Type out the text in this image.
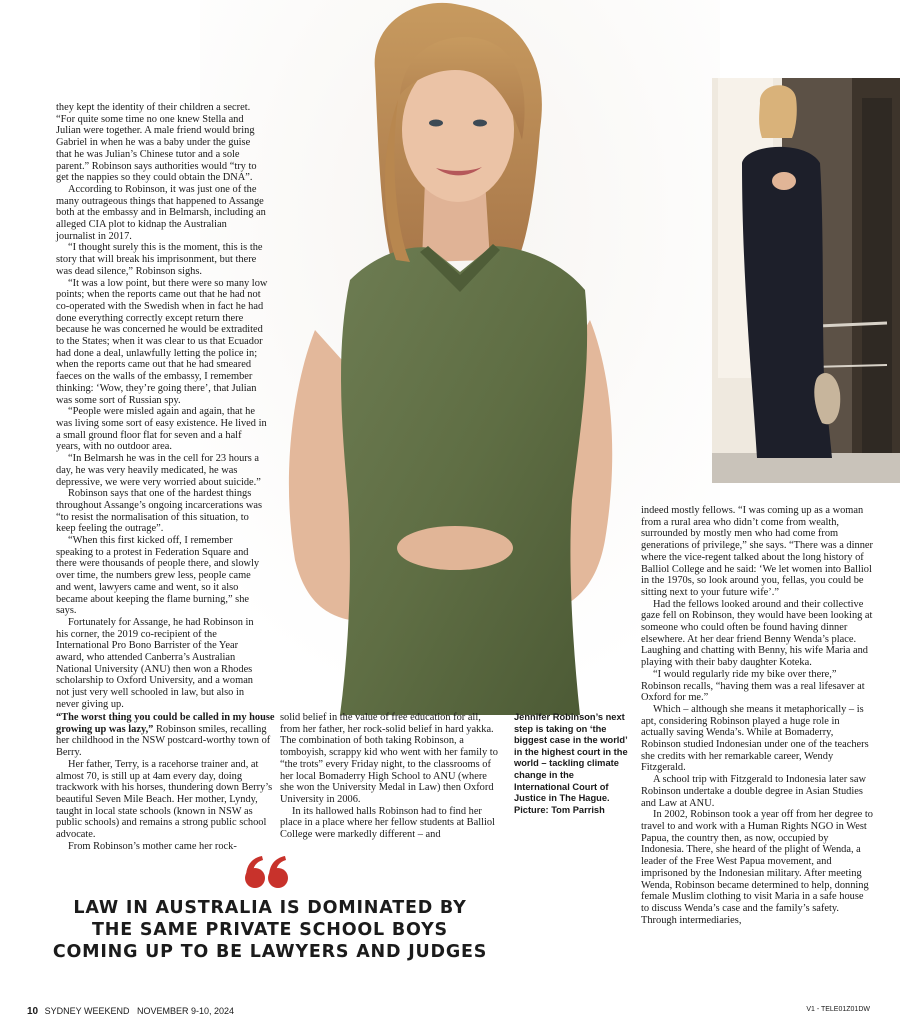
they kept the identity of their children a secret. “For quite some time no one knew Stella and Julian were together. A male friend would bring Gabriel in when he was a baby under the guise that he was Julian’s Chinese tutor and a sole parent.” Robinson says authorities would “try to get the nappies so they could obtain the DNA”.

According to Robinson, it was just one of the many outrageous things that happened to Assange both at the embassy and in Belmarsh, including an alleged CIA plot to kidnap the Australian journalist in 2017.

“I thought surely this is the moment, this is the story that will break his imprisonment, but there was dead silence,” Robinson sighs.

“It was a low point, but there were so many low points; when the reports came out that he had not co-operated with the Swedish when in fact he had done everything correctly except return there because he was concerned he would be extradited to the States; when it was clear to us that Ecuador had done a deal, unlawfully letting the police in; when the reports came out that he had smeared faeces on the walls of the embassy, I remember thinking: ‘Wow, they’re going there’, that Julian was some sort of Russian spy.

“People were misled again and again, that he was living some sort of easy existence. He lived in a small ground floor flat for seven and a half years, with no outdoor area.

“In Belmarsh he was in the cell for 23 hours a day, he was very heavily medicated, he was depressive, we were very worried about suicide.”

Robinson says that one of the hardest things throughout Assange’s ongoing incarcerations was “to resist the normalisation of this situation, to keep feeling the outrage”.

“When this first kicked off, I remember speaking to a protest in Federation Square and there were thousands of people there, and slowly over time, the numbers grew less, people came and went, lawyers came and went, so it also became about keeping the flame burning,” she says.

Fortunately for Assange, he had Robinson in his corner, the 2019 co-recipient of the International Pro Bono Barrister of the Year award, who attended Canberra’s Australian National University (ANU) then won a Rhodes scholarship to Oxford University, and a woman not just very well schooled in law, but also in never giving up.

“The worst thing you could be called in my house growing up was lazy,” Robinson smiles, recalling her childhood in the NSW postcard-worthy town of Berry.

Her father, Terry, is a racehorse trainer and, at almost 70, is still up at 4am every day, doing trackwork with his horses, thundering down Berry’s beautiful Seven Mile Beach. Her mother, Lyndy, taught in local state schools (known in NSW as public schools) and remains a strong public school advocate.

From Robinson’s mother came her rock-

solid belief in the value of free education for all, from her father, her rock-solid belief in hard yakka. The combination of both taking Robinson, a tomboyish, scrappy kid who went with her family to “the trots” every Friday night, to the classrooms of her local Bomaderry High School to ANU (where she won the University Medal in Law) then Oxford University in 2006.

In its hallowed halls Robinson had to find her place in a place where her fellow students at Balliol College were markedly different – and

Jennifer Robinson’s next step is taking on ‘the biggest case in the world’ in the highest court in the world – tackling climate change in the International Court of Justice in The Hague. Picture: Tom Parrish

indeed mostly fellows. “I was coming up as a woman from a rural area who didn’t come from wealth, surrounded by mostly men who had come from generations of privilege,” she says. “There was a dinner where the vice-regent talked about the long history of Balliol College and he said: ‘We let women into Balliol in the 1970s, so look around you, fellas, you could be sitting next to your future wife’.”

Had the fellows looked around and their collective gaze fell on Robinson, they would have been looking at someone who could often be found having dinner elsewhere. At her dear friend Benny Wenda’s place. Laughing and chatting with Benny, his wife Maria and playing with their baby daughter Koteka.

“I would regularly ride my bike over there,” Robinson recalls, “having them was a real lifesaver at Oxford for me.”

Which – although she means it metaphorically – is apt, considering Robinson played a huge role in actually saving Wenda’s. While at Bomaderry, Robinson studied Indonesian under one of the teachers she credits with her remarkable career, Wendy Fitzgerald.

A school trip with Fitzgerald to Indonesia later saw Robinson undertake a double degree in Asian Studies and Law at ANU.

In 2002, Robinson took a year off from her degree to travel to and work with a Human Rights NGO in West Papua, the country then, as now, occupied by Indonesia. There, she heard of the plight of Wenda, a leader of the Free West Papua movement, and imprisoned by the Indonesian military. After meeting Wenda, Robinson became determined to help, donning female Muslim clothing to visit Maria in a safe house to discuss Wenda’s case and the family’s safety. Through intermediaries,

LAW IN AUSTRALIA IS DOMINATED BY THE SAME PRIVATE SCHOOL BOYS COMING UP TO BE LAWYERS AND JUDGES
10 SYDNEY WEEKEND NOVEMBER 9-10, 2024	V1 - TELE01Z01DW
